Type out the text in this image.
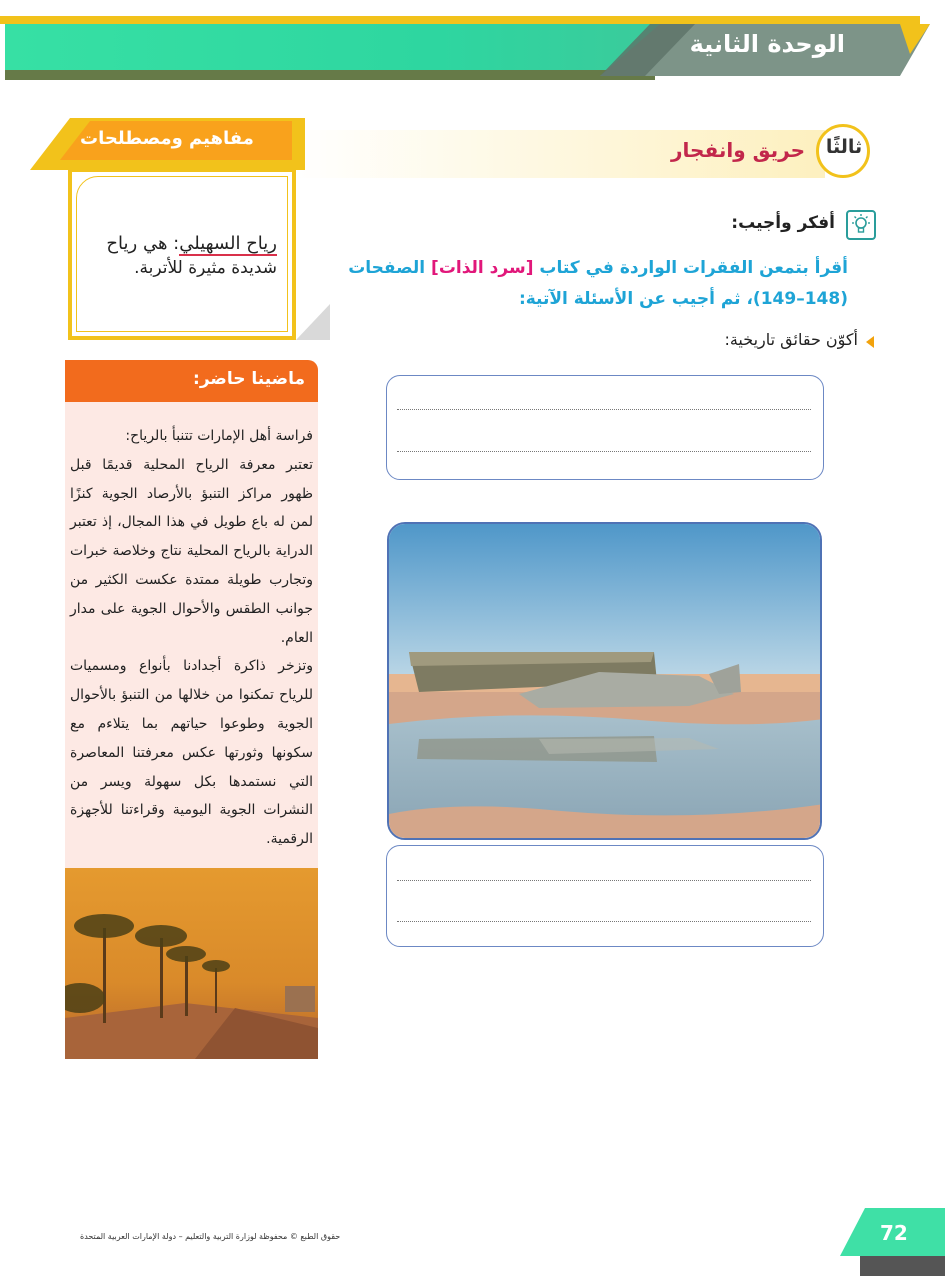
الوحدة الثانية
ثالثًا
حريق وانفجار
أفكر وأجيب:
أقرأ بتمعن الفقرات الواردة في كتاب [سرد الذات] الصفحات
(148–149)، ثم أجيب عن الأسئلة الآتية:
أكوّن حقائق تاريخية:
مفاهيم ومصطلحات
رياح السهيلي: هي رياح
شديدة مثيرة للأتربة.
ماضينا حاضر:
فراسة أهل الإمارات تتنبأ بالرياح:
تعتبر معرفة الرياح المحلية قديمًا قبل ظهور مراكز التنبؤ بالأرصاد الجوية كنزًا لمن له باع طويل في هذا المجال، إذ تعتبر الدراية بالرياح المحلية نتاج وخلاصة خبرات وتجارب طويلة ممتدة عكست الكثير من جوانب الطقس والأحوال الجوية على مدار العام.
وتزخر ذاكرة أجدادنا بأنواع ومسميات للرياح تمكنوا من خلالها من التنبؤ بالأحوال الجوية وطوعوا حياتهم بما يتلاءم مع سكونها وثورتها عكس معرفتنا المعاصرة التي نستمدها بكل سهولة ويسر من النشرات الجوية اليومية وقراءتنا للأجهزة الرقمية.
حقوق الطبع © محفوظة لوزارة التربية والتعليم – دولة الإمارات العربية المتحدة	72
